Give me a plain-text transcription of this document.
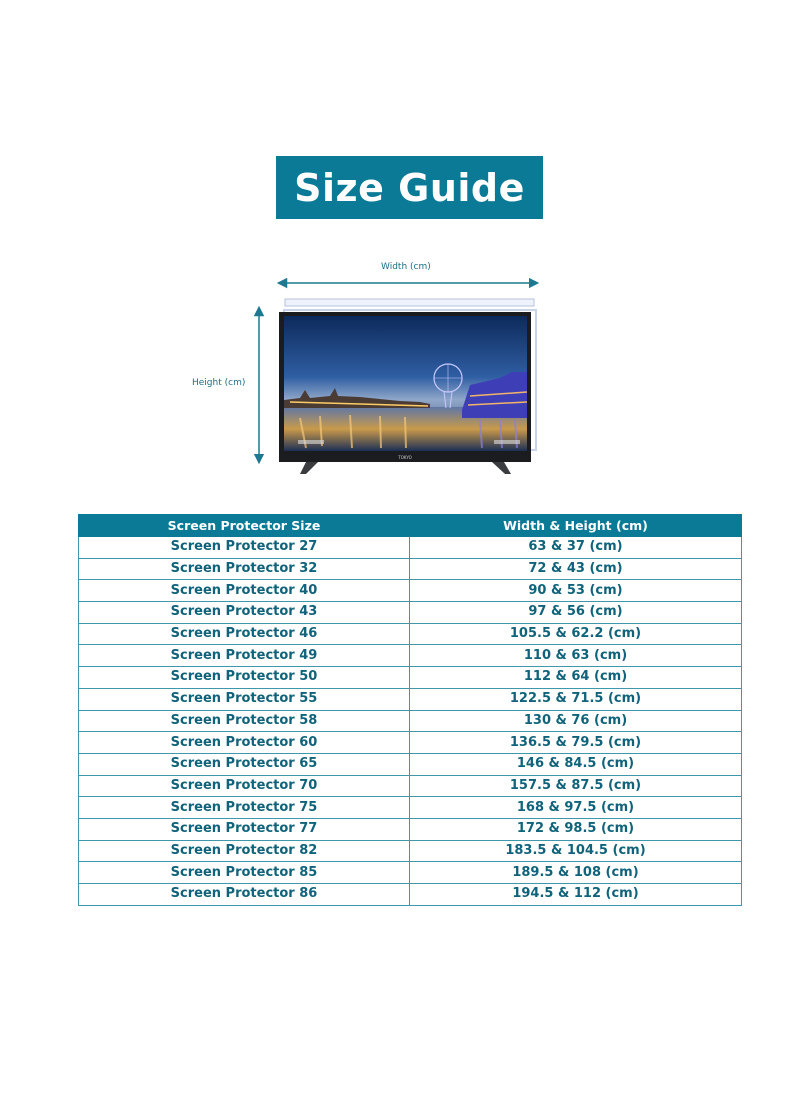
Size Guide
TOKYO
Width (cm)
Height (cm)
Screen Protector Size	Width & Height (cm)
Screen Protector 27	63 & 37 (cm)
Screen Protector 32	72 & 43 (cm)
Screen Protector 40	90 & 53 (cm)
Screen Protector 43	97 & 56 (cm)
Screen Protector 46	105.5 & 62.2 (cm)
Screen Protector 49	110 & 63 (cm)
Screen Protector 50	112 & 64 (cm)
Screen Protector 55	122.5 & 71.5 (cm)
Screen Protector 58	130 & 76 (cm)
Screen Protector 60	136.5 & 79.5 (cm)
Screen Protector 65	146 & 84.5 (cm)
Screen Protector 70	157.5 & 87.5 (cm)
Screen Protector 75	168 & 97.5 (cm)
Screen Protector 77	172 & 98.5 (cm)
Screen Protector 82	183.5 & 104.5 (cm)
Screen Protector 85	189.5 & 108 (cm)
Screen Protector 86	194.5 & 112 (cm)
